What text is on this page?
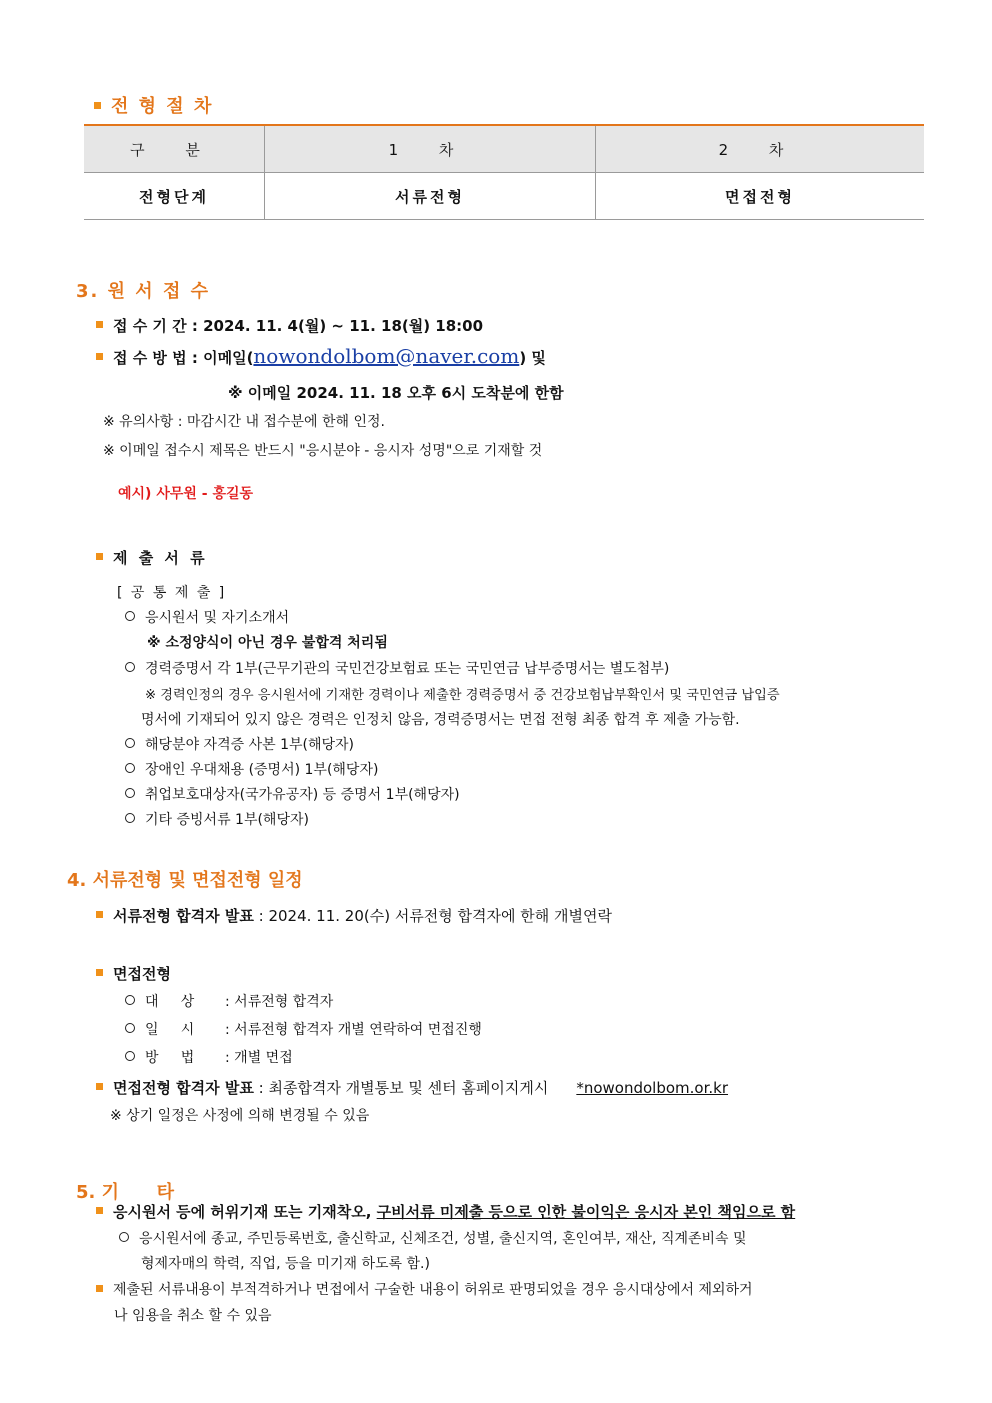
전 형 절 차
구 분	1 차	2 차
전형단계	서류전형	면접전형
3. 원 서 접 수
접 수 기 간 : 2024. 11. 4(월) ~ 11. 18(월) 18:00
접 수 방 법 : 이메일(nowondolbom@naver.com) 및
※ 이메일 2024. 11. 18 오후 6시 도착분에 한함
※ 유의사항 : 마감시간 내 접수분에 한해 인정.
※ 이메일 접수시 제목은 반드시 "응시분야 - 응시자 성명"으로 기재할 것
예시) 사무원 - 홍길동
제 출 서 류
[ 공 통 제 출 ]
응시원서 및 자기소개서
※ 소정양식이 아닌 경우 불합격 처리됨
경력증명서 각 1부(근무기관의 국민건강보험료 또는 국민연금 납부증명서는 별도첨부)
※ 경력인정의 경우 응시원서에 기재한 경력이나 제출한 경력증명서 중 건강보험납부확인서 및 국민연금 납입증
명서에 기재되어 있지 않은 경력은 인정치 않음, 경력증명서는 면접 전형 최종 합격 후 제출 가능함.
해당분야 자격증 사본 1부(해당자)
장애인 우대채용 (증명서) 1부(해당자)
취업보호대상자(국가유공자) 등 증명서 1부(해당자)
기타 증빙서류 1부(해당자)
4. 서류전형 및 면접전형 일정
서류전형 합격자 발표 : 2024. 11. 20(수) 서류전형 합격자에 한해 개별연락
면접전형
대     상 : 서류전형 합격자
일     시 : 서류전형 합격자 개별 연락하여 면접진행
방     법 : 개별 면접
면접전형 합격자 발표 : 최종합격자 개별통보 및 센터 홈페이지게시 *nowondolbom.or.kr
※ 상기 일정은 사정에 의해 변경될 수 있음
5. 기      타
응시원서 등에 허위기재 또는 기재착오, 구비서류 미제출 등으로 인한 불이익은 응시자 본인 책임으로 함
응시원서에 종교, 주민등록번호, 출신학교, 신체조건, 성별, 출신지역, 혼인여부, 재산, 직계존비속 및
형제자매의 학력, 직업, 등을 미기재 하도록 함.)
제출된 서류내용이 부적격하거나 면접에서 구술한 내용이 허위로 판명되었을 경우 응시대상에서 제외하거
나 임용을 취소 할 수 있음
